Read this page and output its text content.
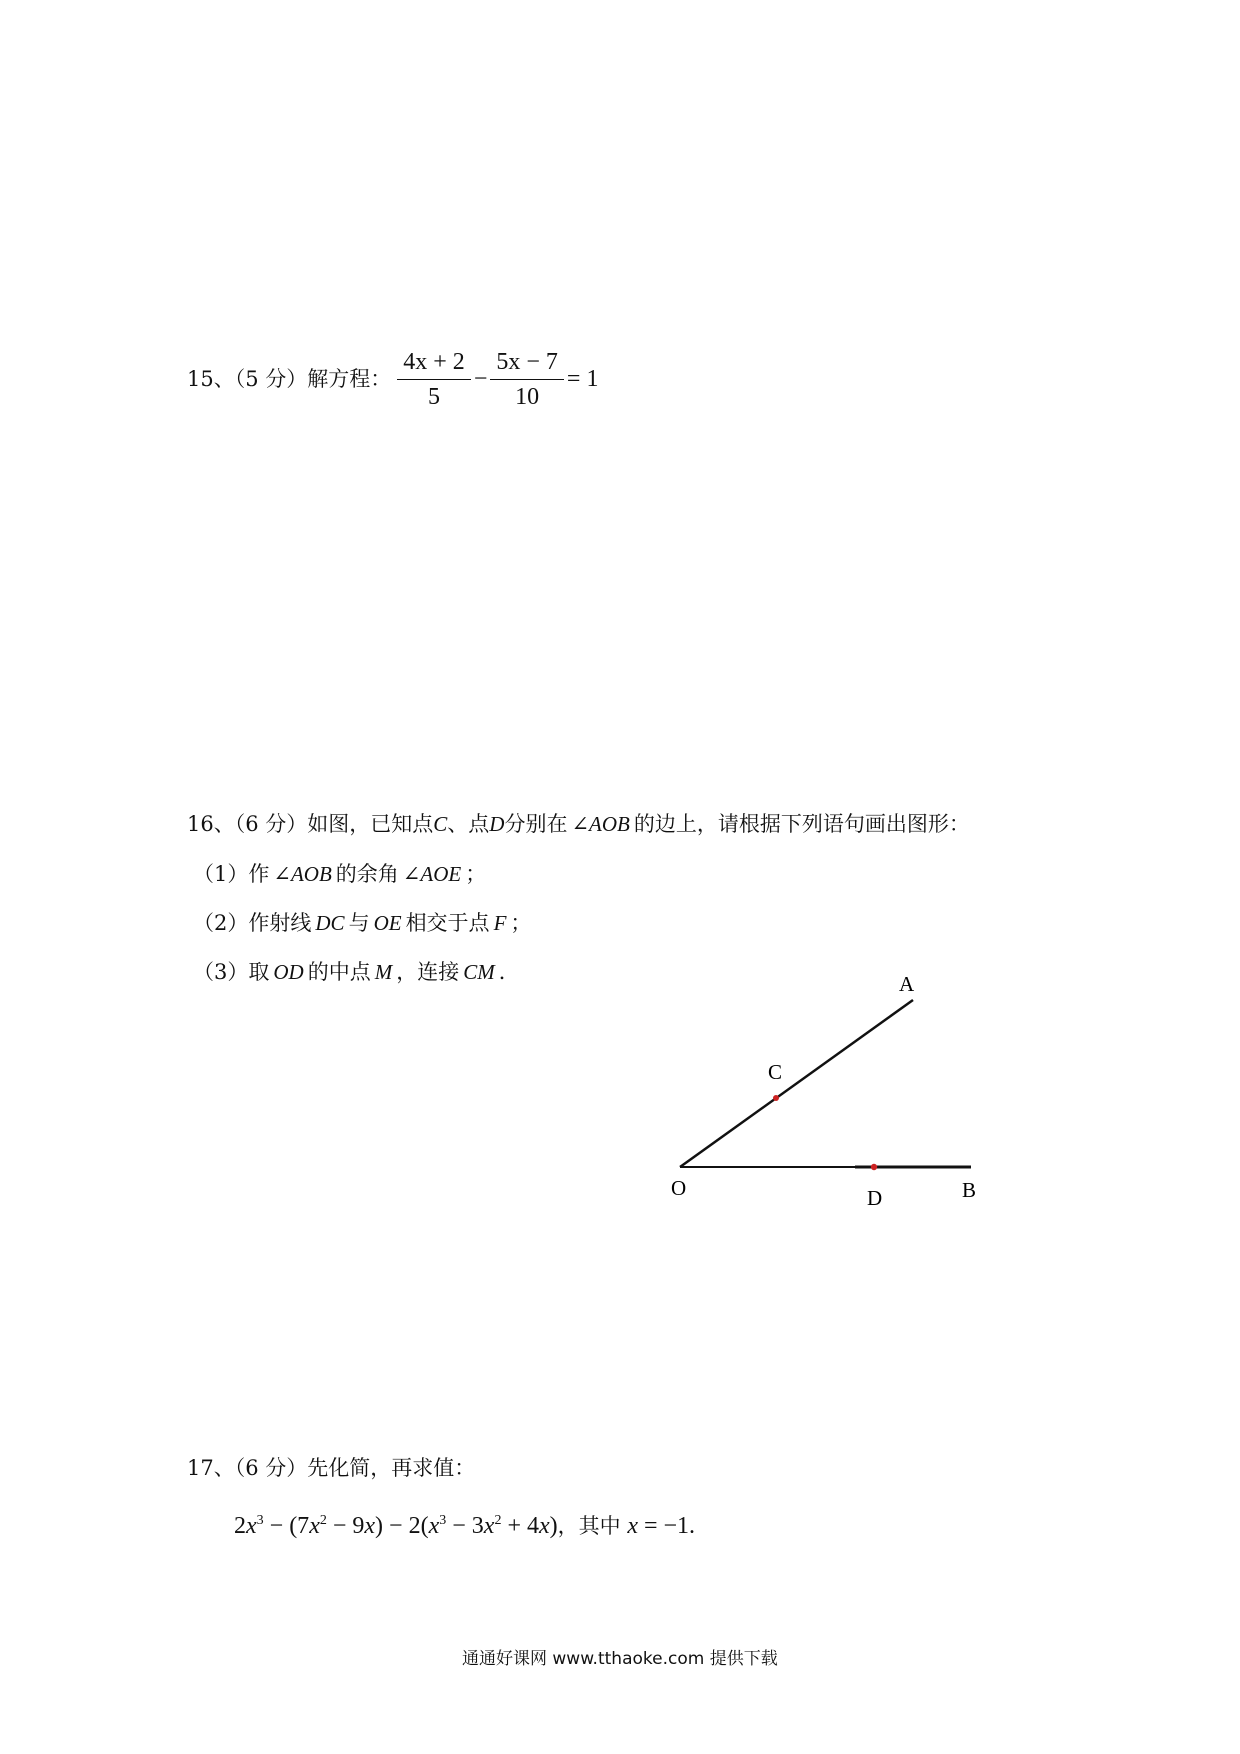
15、（5 分）解方程： $\frac{4x + 2}{5} - \frac{5x - 7}{10} = 1$
16、（6 分）如图，已知点C、点D分别在 ∠AOB 的边上，请根据下列语句画出图形：
（1）作 ∠AOB 的余角 ∠AOE ；
（2）作射线 DC 与 OE 相交于点 F ；
（3）取 OD 的中点 M ，连接 CM ．	A
C
O	D	B
17、（6 分）先化简，再求值：
$2x^3 - (7x^2 - 9x) - 2(x^3 - 3x^2 + 4x)$，其中 x = −1.
通通好课网 www.tthaoke.com 提供下载
